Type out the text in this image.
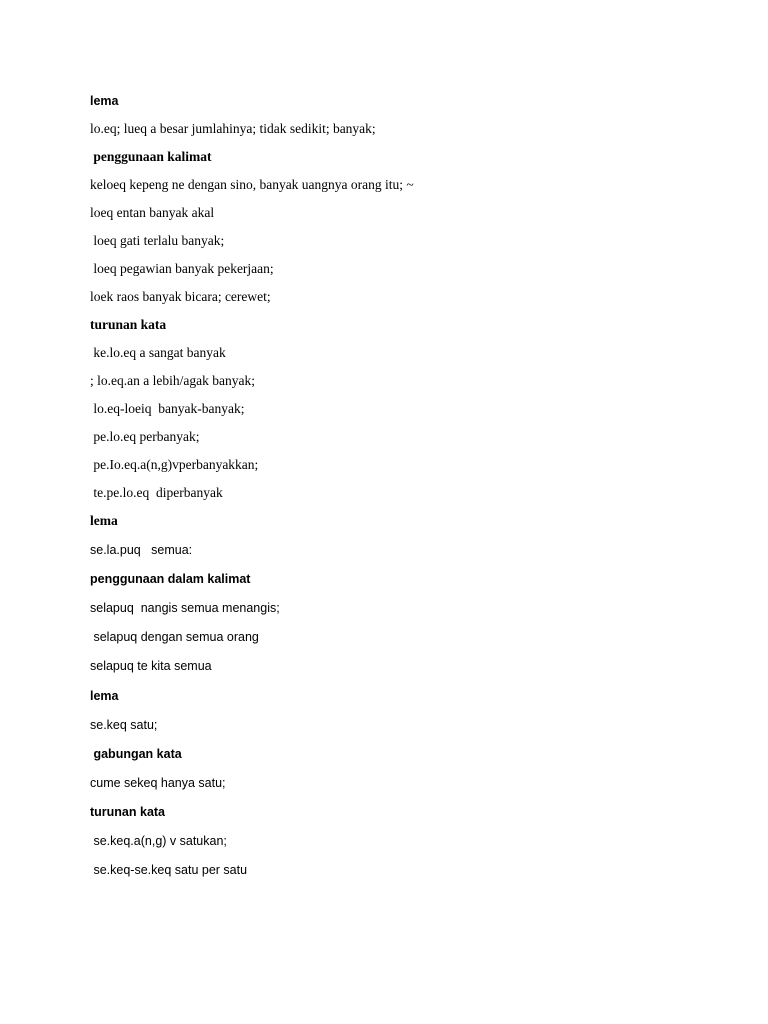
lema
lo.eq; lueq a besar jumlahinya; tidak sedikit; banyak;
penggunaan kalimat
keloeq kepeng ne dengan sino, banyak uangnya orang itu; ~
loeq entan banyak akal
loeq gati terlalu banyak;
loeq pegawian banyak pekerjaan;
loek raos banyak bicara; cerewet;
turunan kata
ke.lo.eq a sangat banyak
; lo.eq.an a lebih/agak banyak;
lo.eq-loeiq  banyak-banyak;
pe.lo.eq perbanyak;
pe.Io.eq.a(n,g)vperbanyakkan;
te.pe.lo.eq  diperbanyak
lema
se.la.puq   semua:
penggunaan dalam kalimat
selapuq  nangis semua menangis;
selapuq dengan semua orang
selapuq te kita semua
lema
se.keq satu;
gabungan kata
cume sekeq hanya satu;
turunan kata
se.keq.a(n,g) v satukan;
se.keq-se.keq satu per satu
